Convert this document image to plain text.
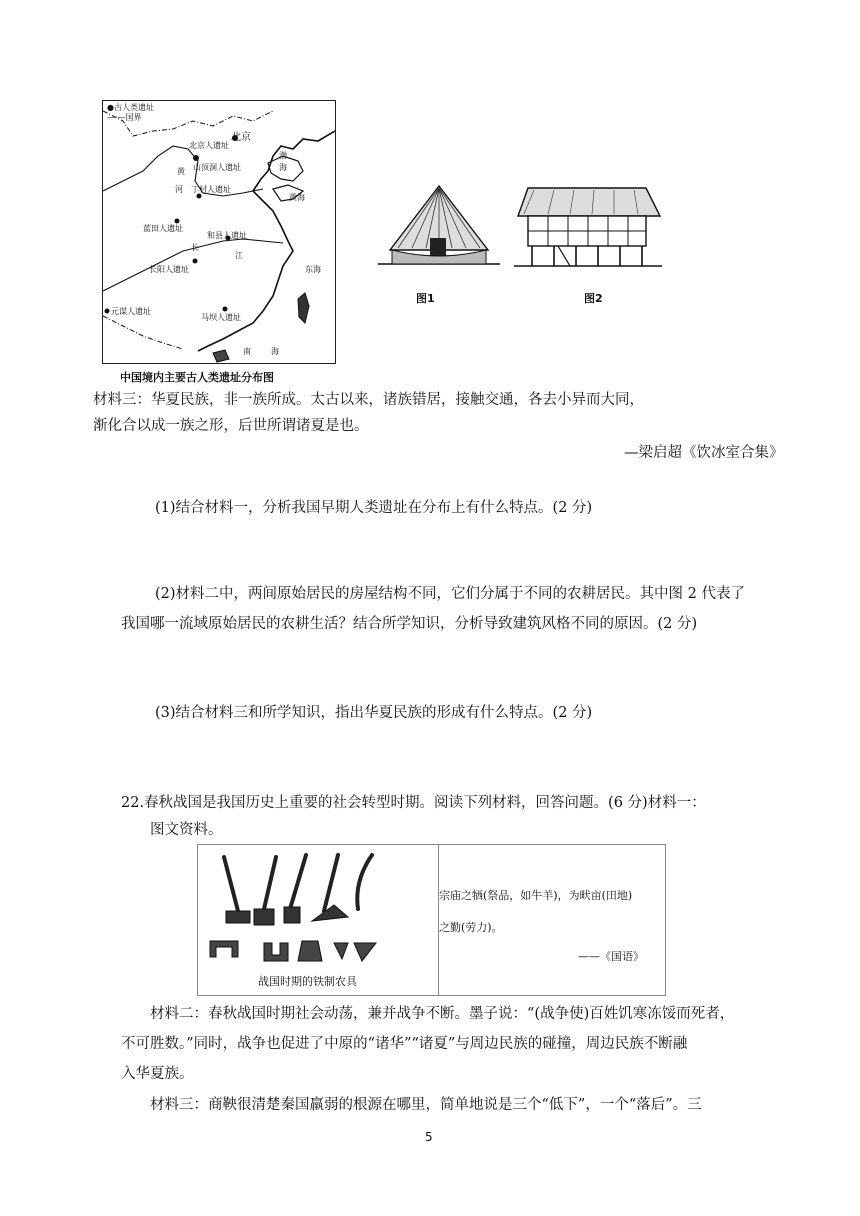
●古人类遗址
—·—国界
北京
北京人遗址
山顶洞人遗址
黄
河 丁村人遗址
渤
海
黄海
蓝田人遗址
和县人遗址
长
江
长阳人遗址	东海
元谋人遗址
马坝人遗址
南	海
中国境内主要古人类遗址分布图
图1	图2
材料三：华夏民族，非一族所成。太古以来，诸族错居，接触交通，各去小异而大同，
渐化合以成一族之形，后世所谓诸夏是也。
—梁启超《饮冰室合集》
(1)结合材料一，分析我国早期人类遗址在分布上有什么特点。(2 分)
(2)材料二中，两间原始居民的房屋结构不同，它们分属于不同的农耕居民。其中图 2 代表了
我国哪一流域原始居民的农耕生活？结合所学知识，分析导致建筑风格不同的原因。(2 分)
(3)结合材料三和所学知识，指出华夏民族的形成有什么特点。(2 分)
22.春秋战国是我国历史上重要的社会转型时期。阅读下列材料，回答问题。(6 分)材料一：
图文资料。
战国时期的铁制农具
宗庙之牺(祭品，如牛羊)，为畎亩(田地)
之勤(劳力)。
——《国语》
材料二：春秋战国时期社会动荡，兼并战争不断。墨子说：“(战争使)百姓饥寒冻馁而死者，
不可胜数。”同时，战争也促进了中原的“诸华”“诸夏”与周边民族的碰撞，周边民族不断融
入华夏族。
材料三：商鞅很清楚秦国羸弱的根源在哪里，简单地说是三个“低下”，一个“落后”。三
5
